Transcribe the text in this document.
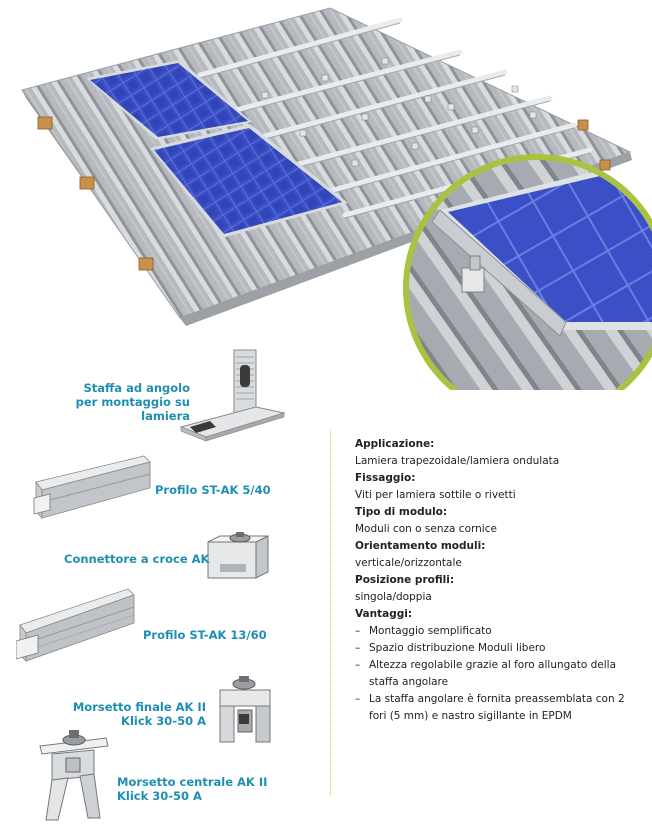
Staffa ad angolo per montaggio su lamiera
Profilo ST-AK 5/40
Connettore a croce AK
Profilo ST-AK 13/60
Morsetto finale AK II
Klick 30-50 A
Morsetto centrale AK II
Klick 30-50 A

Applicazione:

Lamiera trapezoidale/lamiera ondulata

Fissaggio:

Viti per lamiera sottile o rivetti

Tipo di modulo:

Moduli con o senza cornice

Orientamento moduli:

verticale/orizzontale

Posizione profili:

singola/doppia

Vantaggi:

– Montaggio semplificato
– Spazio distribuzione Moduli libero
– Altezza regolabile grazie al foro allungato della staffa angolare
– La staffa angolare è fornita preassemblata con 2 fori (5 mm) e nastro sigillante in EPDM
